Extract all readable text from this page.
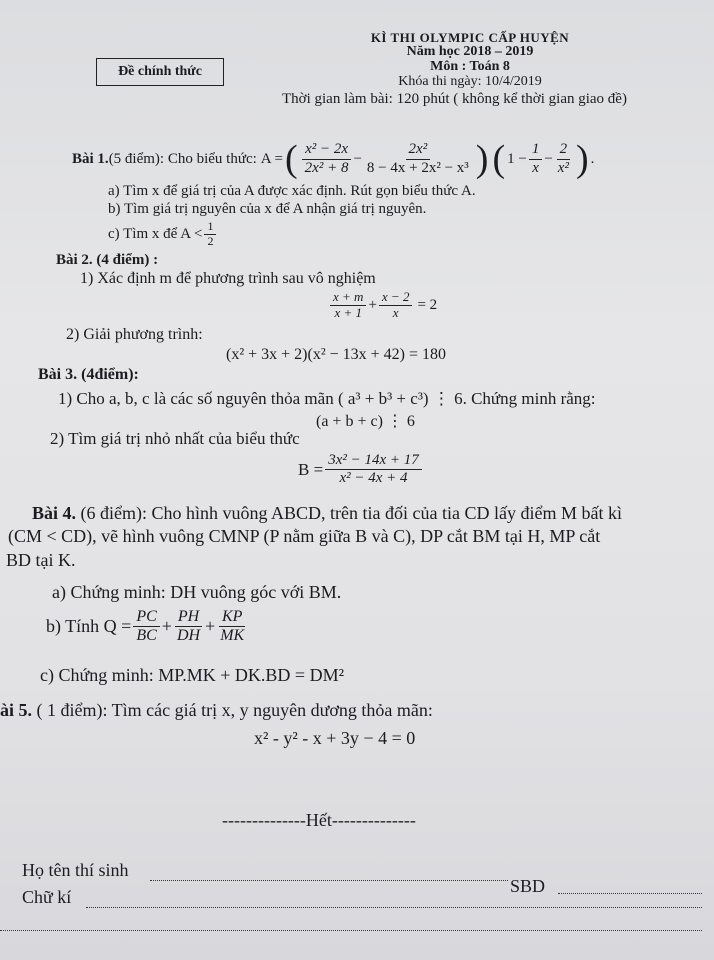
KÌ THI OLYMPIC CẤP HUYỆN
Năm học 2018 – 2019
Môn : Toán 8
Khóa thi ngày: 10/4/2019
Thời gian làm bài: 120 phút ( không kể thời gian giao đề)
Đề chính thức
Bài 1. (5 điểm): Cho biểu thức: A = ( $\frac{\text{x² − 2x}}{\text{2x² + 8}} - \frac{\text{2x²}}{\text{8 − 4x + 2x² − x³}}$ ) ( $1 - \frac{1}{x} - \frac{2}{\text{x²}}$ ) .
a) Tìm x để giá trị của A được xác định. Rút gọn biểu thức A.
b) Tìm giá trị nguyên của x để A nhận giá trị nguyên.
c) Tìm x để $A < \frac{1}{2}$
Bài 2. (4 điểm) :
1) Xác định m để phương trình sau vô nghiệm
$\frac{x + m}{x + 1} + \frac{x - 2}{x} = 2$
2) Giải phương trình:
(x² + 3x + 2)(x² − 13x + 42) = 180
Bài 3. (4điểm):
1) Cho a, b, c là các số nguyên thỏa mãn ( a³ + b³ + c³) ⋮ 6. Chứng minh rằng:
(a + b + c) ⋮ 6
2) Tìm giá trị nhỏ nhất của biểu thức
$B = \frac{\text{3x² − 14x + 17}}{\text{x² − 4x + 4}}$
Bài 4. (6 điểm): Cho hình vuông ABCD, trên tia đối của tia CD lấy điểm M bất kì
(CM < CD), vẽ hình vuông CMNP (P nằm giữa B và C), DP cắt BM tại H, MP cắt
BD tại K.
a) Chứng minh: DH vuông góc với BM.
b) Tính $Q = \frac{PC}{BC} + \frac{PH}{DH} + \frac{KP}{MK}$
c) Chứng minh: MP.MK + DK.BD = DM²
ài 5. ( 1 điểm): Tìm các giá trị x, y nguyên dương thỏa mãn:
x² - y² - x + 3y − 4 = 0
--------------Hết--------------
Họ tên thí sinh
SBD
Chữ kí
